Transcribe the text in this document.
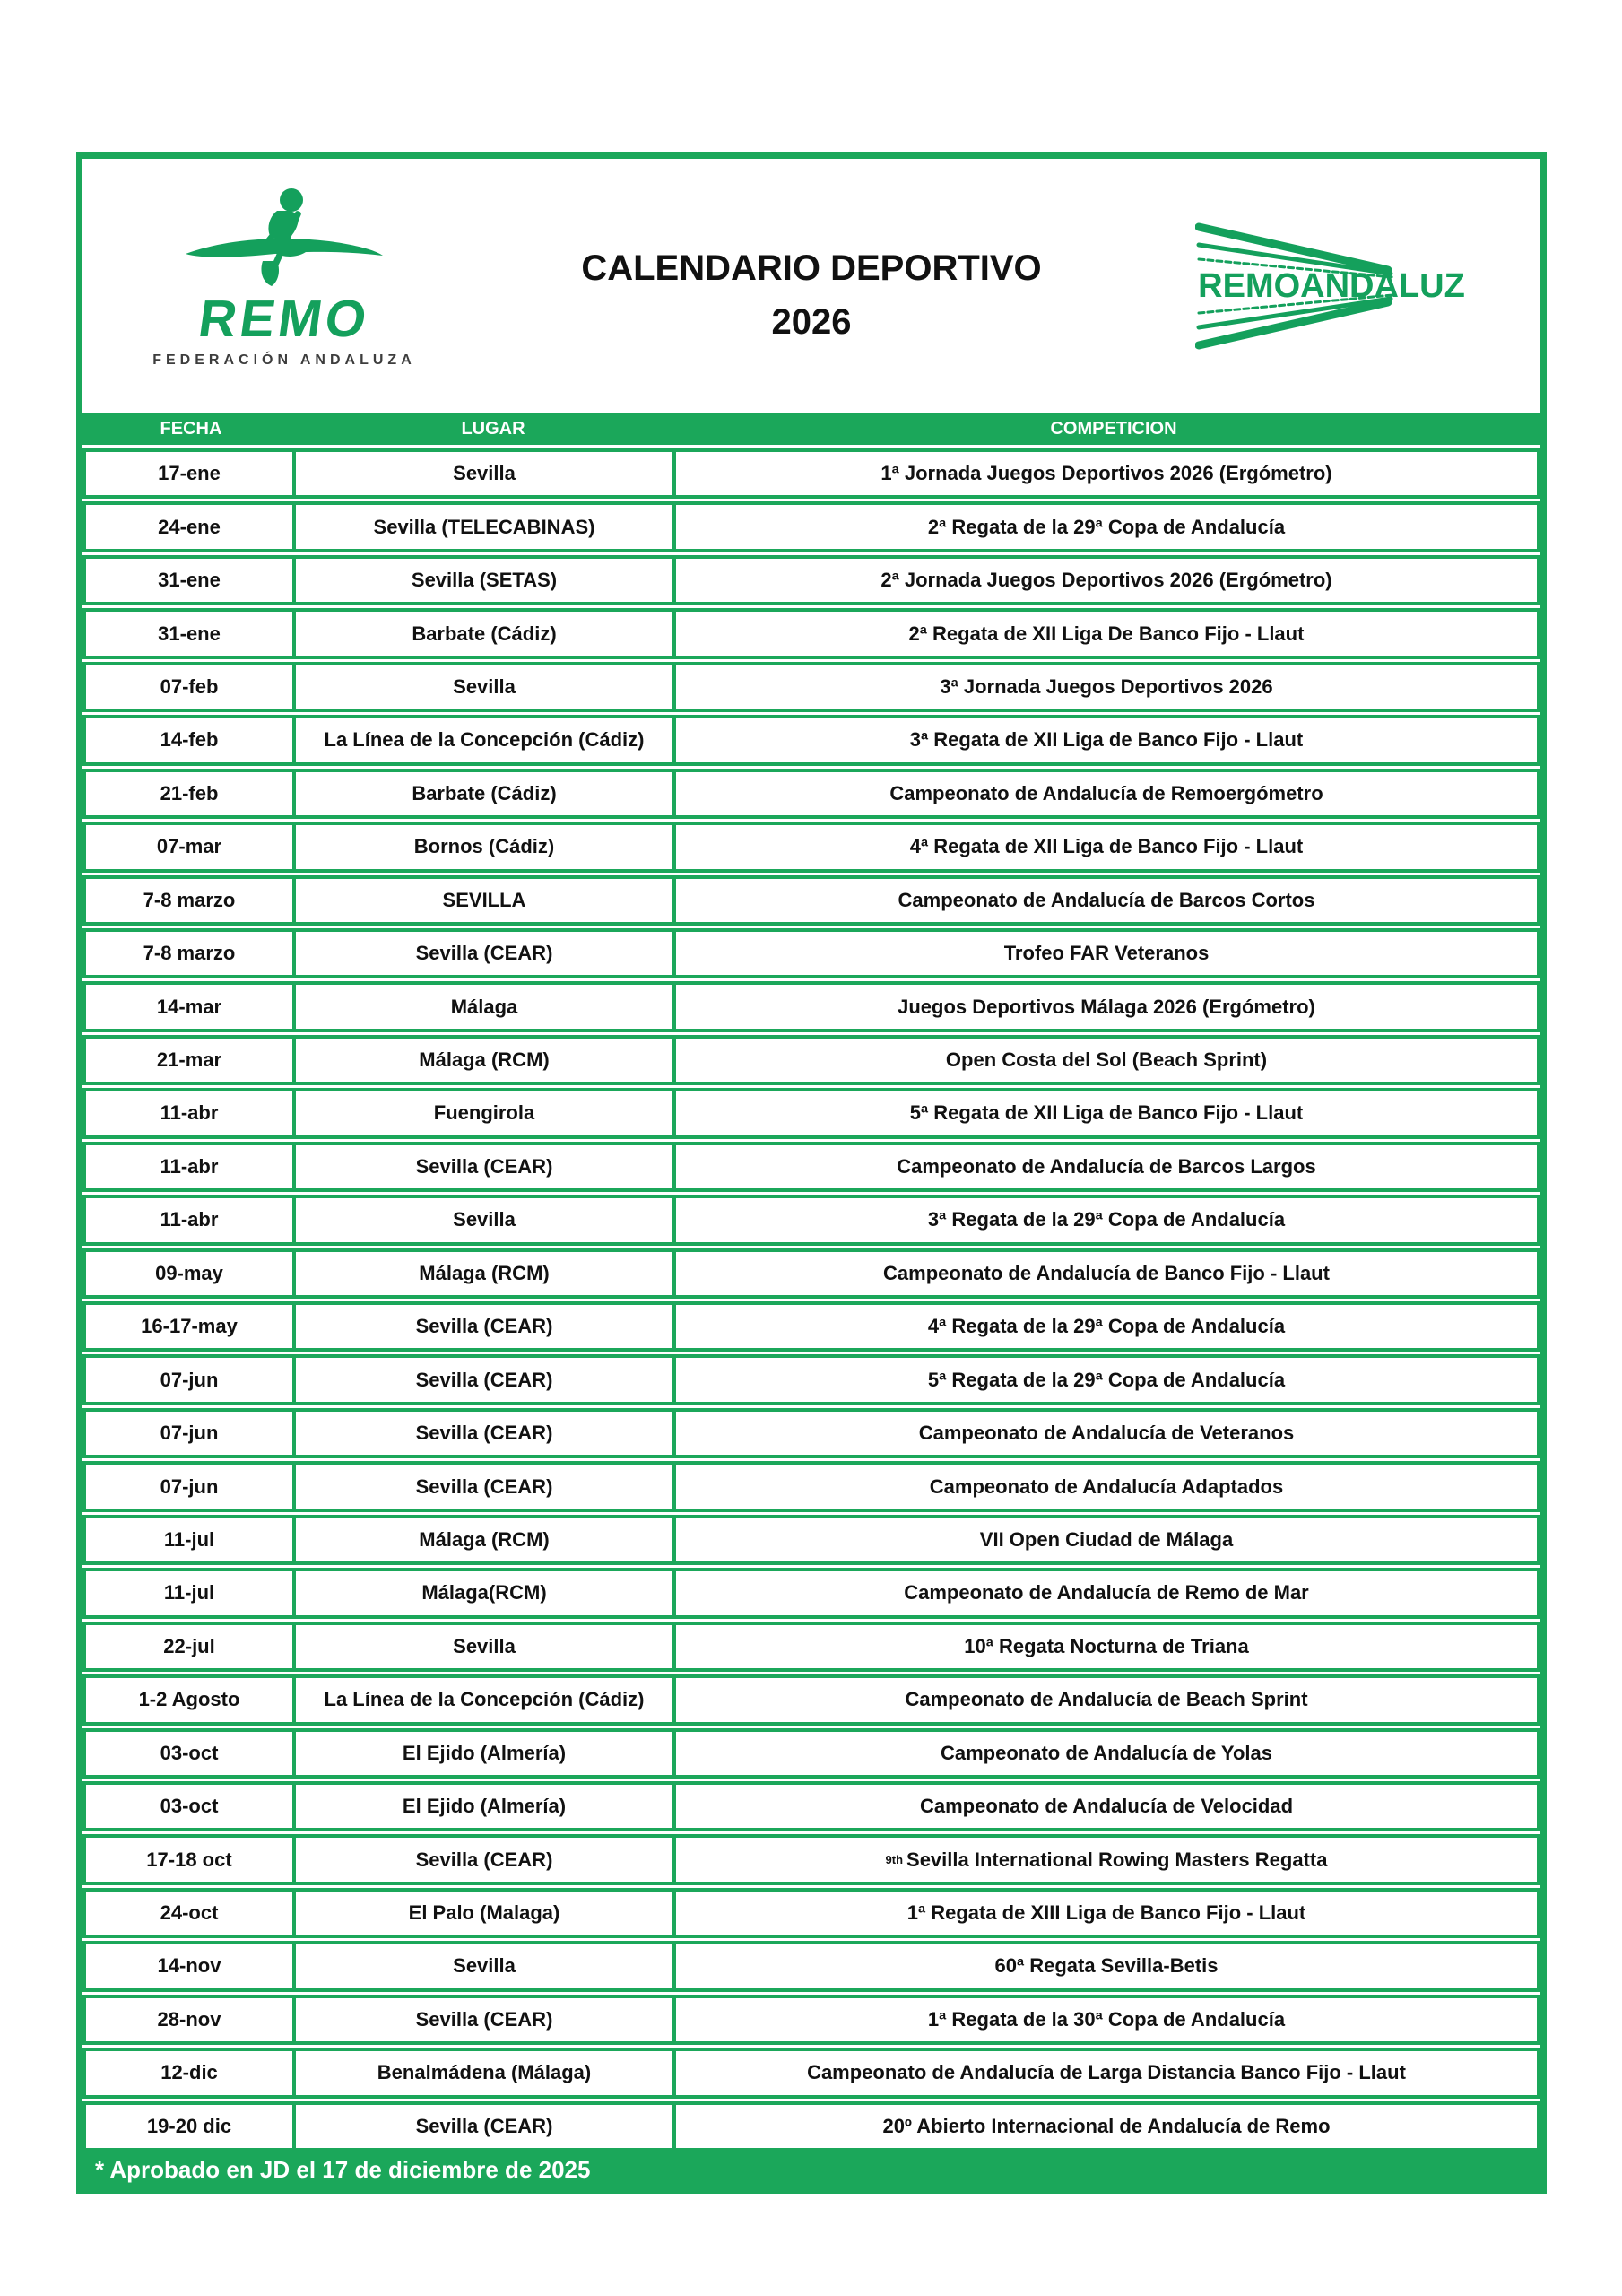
REMO
FEDERACIÓN ANDALUZA
CALENDARIO DEPORTIVO
2026
REMOANDALUZ
FECHA	LUGAR	COMPETICION
17-ene	Sevilla	1ª Jornada Juegos Deportivos 2026 (Ergómetro)
24-ene	Sevilla (TELECABINAS)	2ª Regata de la 29ª Copa de Andalucía
31-ene	Sevilla (SETAS)	2ª Jornada Juegos Deportivos 2026 (Ergómetro)
31-ene	Barbate (Cádiz)	2ª Regata de XII Liga De Banco Fijo - Llaut
07-feb	Sevilla	3ª Jornada Juegos Deportivos 2026
14-feb	La Línea de la Concepción (Cádiz)	3ª Regata de XII Liga de Banco Fijo - Llaut
21-feb	Barbate (Cádiz)	Campeonato de Andalucía de Remoergómetro
07-mar	Bornos (Cádiz)	4ª Regata de XII Liga de Banco Fijo - Llaut
7-8 marzo	SEVILLA	Campeonato de Andalucía de Barcos Cortos
7-8 marzo	Sevilla (CEAR)	Trofeo FAR Veteranos
14-mar	Málaga	Juegos Deportivos Málaga 2026 (Ergómetro)
21-mar	Málaga (RCM)	Open Costa del Sol (Beach Sprint)
11-abr	Fuengirola	5ª Regata de XII Liga de Banco Fijo - Llaut
11-abr	Sevilla (CEAR)	Campeonato de Andalucía de Barcos Largos
11-abr	Sevilla	3ª Regata de la 29ª Copa de Andalucía
09-may	Málaga (RCM)	Campeonato de Andalucía de Banco Fijo - Llaut
16-17-may	Sevilla (CEAR)	4ª Regata de la 29ª Copa de Andalucía
07-jun	Sevilla (CEAR)	5ª Regata de la 29ª Copa de Andalucía
07-jun	Sevilla (CEAR)	Campeonato de Andalucía de Veteranos
07-jun	Sevilla (CEAR)	Campeonato de Andalucía Adaptados
11-jul	Málaga (RCM)	VII Open Ciudad de Málaga
11-jul	Málaga(RCM)	Campeonato de Andalucía de Remo de Mar
22-jul	Sevilla	10ª Regata Nocturna de Triana
1-2 Agosto	La Línea de la Concepción (Cádiz)	Campeonato de Andalucía de Beach Sprint
03-oct	El Ejido (Almería)	Campeonato de Andalucía de Yolas
03-oct	El Ejido (Almería)	Campeonato de Andalucía de Velocidad
17-18 oct	Sevilla (CEAR)	9th Sevilla International Rowing Masters Regatta
24-oct	El Palo (Malaga)	1ª Regata de XIII Liga de Banco Fijo - Llaut
14-nov	Sevilla	60ª Regata Sevilla-Betis
28-nov	Sevilla (CEAR)	1ª Regata de la 30ª Copa de Andalucía
12-dic	Benalmádena (Málaga)	Campeonato de Andalucía de Larga Distancia Banco Fijo - Llaut
19-20 dic	Sevilla (CEAR)	20º Abierto Internacional de Andalucía de Remo
* Aprobado en JD el 17 de diciembre de 2025
